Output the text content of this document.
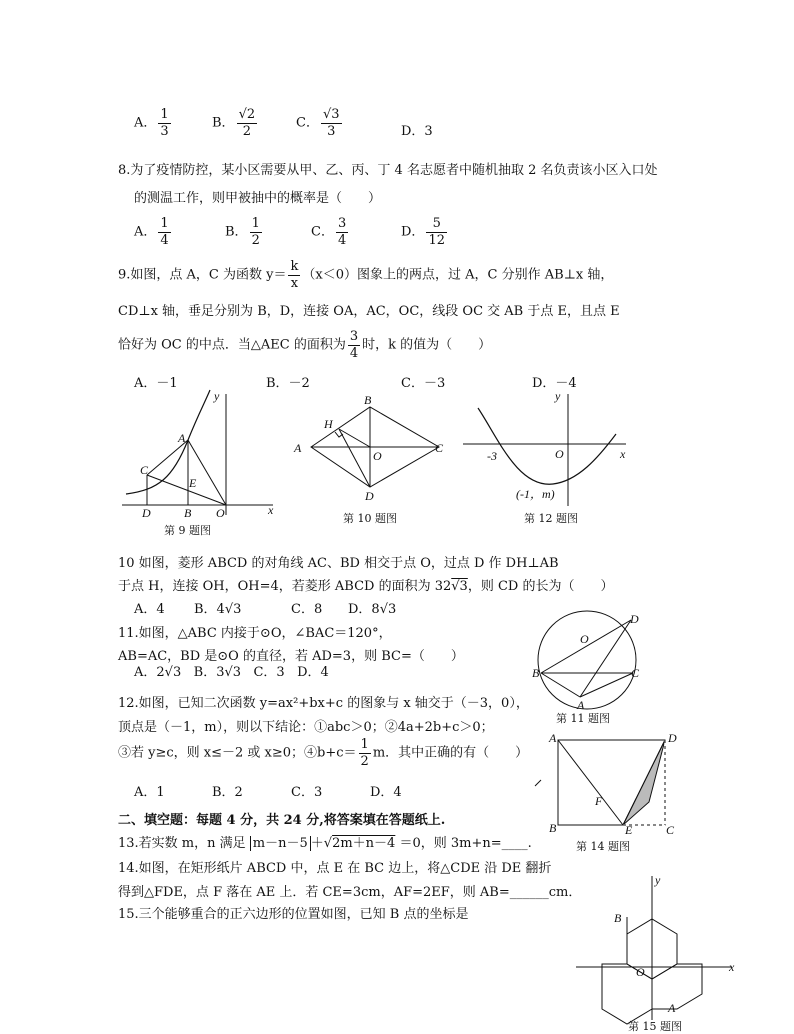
A． $\frac{1}{3}$	B． $\frac{√2}{2}$	C． $\frac{√3}{3}$	D．3
8.为了疫情防控，某小区需要从甲、乙、丙、丁 4 名志愿者中随机抽取 2 名负责该小区入口处
的测温工作，则甲被抽中的概率是（　　）
A． $\frac{1}{4}$	B． $\frac{1}{2}$	C． $\frac{3}{4}$	D． $\frac{5}{12}$
9.如图，点 A，C 为函数 $y= \frac{k}{x} (x<0)$图象上的两点，过 A，C 分别作 AB⊥x 轴，
CD⊥x 轴，垂足分别为 B，D，连接 OA，AC，OC，线段 OC 交 AB 于点 E，且点 E
恰好为 OC 的中点．当△AEC 的面积为 $\frac{3}{4}$ 时，k 的值为（　　）
A．－1	B．－2	C．－3	D．－4
y
x
A
C
E
D	B O
第 9 题图
A
B
C
D
H
O
第 10 题图
y
x
-3	O
(-1，m)
第 12 题图
10 如图，菱形 ABCD 的对角线 AC、BD 相交于点 O，过点 D 作 DH⊥AB
于点 H，连接 OH，OH=4，若菱形 ABCD 的面积为 32√3，则 CD 的长为（　　）
A．4 B．4√3	C．8 D．8√3
11.如图，△ABC 内接于⊙O，∠BAC＝120°，
AB=AC，BD 是⊙O 的直径，若 AD=3，则 BC=（　　）
A．2√3 B．3√3 C．3 D．4
O
D
B	C
A
第 11 题图
12.如图，已知二次函数 y=ax²+bx+c 的图象与 x 轴交于（－3，0），
顶点是（－1，m），则以下结论：①abc＞0；②4a+2b+c＞0；
③若 y≥c，则 x≤－2 或 x≥0；④b+c＝ $\frac{1}{2}$ m．其中正确的有（　　）
A．1	B．2	C．3	D．4
A	D
F
B	E	C
第 14 题图
二、填空题：每题 4 分，共 24 分,将答案填在答题纸上.
13.若实数 m，n 满足 m－n－5 ＋√2m＋n－4 ＝0，则 3m+n=____.
14.如图，在矩形纸片 ABCD 中，点 E 在 BC 边上，将△CDE 沿 DE 翻折
得到△FDE，点 F 落在 AE 上．若 CE=3cm，AF=2EF，则 AB=______cm．
15.三个能够重合的正六边形的位置如图，已知 B 点的坐标是
y
x
B
O
A
第 15 题图
